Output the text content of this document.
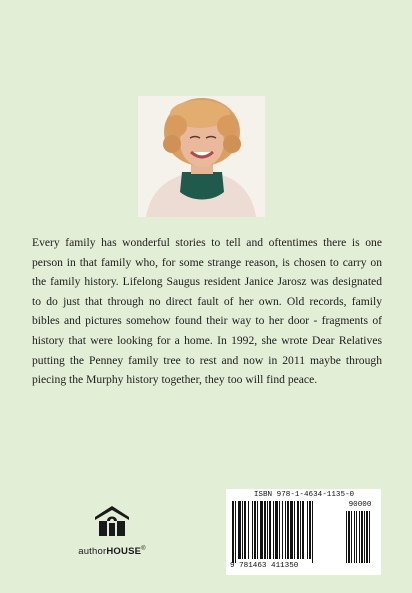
Every family has wonderful stories to tell and oftentimes there is one person in that family who, for some strange reason, is chosen to carry on the family history. Lifelong Saugus resident Janice Jarosz was designated to do just that through no direct fault of her own. Old records, family bibles and pictures somehow found their way to her door - fragments of history that were looking for a home. In 1992, she wrote Dear Relatives putting the Penney family tree to rest and now in 2011 maybe through piecing the Murphy history together, they too will find peace.

authorHOUSE®
ISBN 978-1-4634-1135-0
9 781463 411350
90000
